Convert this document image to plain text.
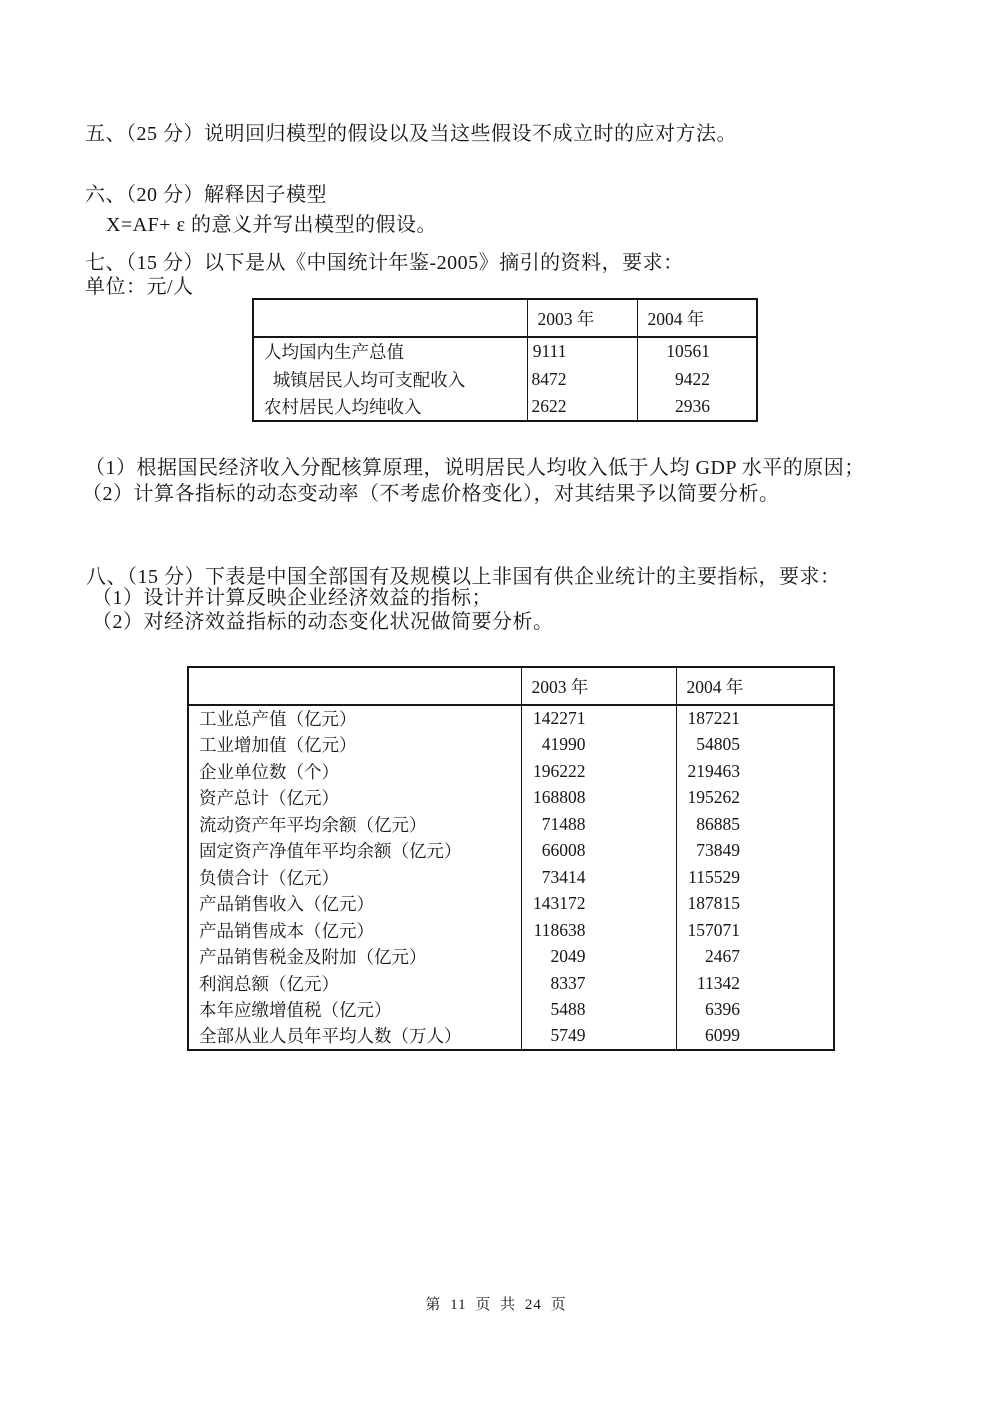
五、（25 分）说明回归模型的假设以及当这些假设不成立时的应对方法。
六、（20 分）解释因子模型
X=AF+ ε 的意义并写出模型的假设。
七、（15 分）以下是从《中国统计年鉴-2005》摘引的资料，要求：
单位：元/人
	2003 年	2004 年
人均国内生产总值	9111	10561
城镇居民人均可支配收入	8472	9422
农村居民人均纯收入	2622	2936
（1）根据国民经济收入分配核算原理，说明居民人均收入低于人均 GDP 水平的原因；
（2）计算各指标的动态变动率（不考虑价格变化），对其结果予以简要分析。
八、（15 分）下表是中国全部国有及规模以上非国有供企业统计的主要指标，要求：
（1）设计并计算反映企业经济效益的指标；
（2）对经济效益指标的动态变化状况做简要分析。
	2003 年	2004 年
工业总产值（亿元）	142271	187221
工业增加值（亿元）	41990	54805
企业单位数（个）	196222	219463
资产总计（亿元）	168808	195262
流动资产年平均余额（亿元）	71488	86885
固定资产净值年平均余额（亿元）	66008	73849
负债合计（亿元）	73414	115529
产品销售收入（亿元）	143172	187815
产品销售成本（亿元）	118638	157071
产品销售税金及附加（亿元）	2049	2467
利润总额（亿元）	8337	11342
本年应缴增值税（亿元）	5488	6396
全部从业人员年平均人数（万人）	5749	6099
第 11 页 共 24 页
